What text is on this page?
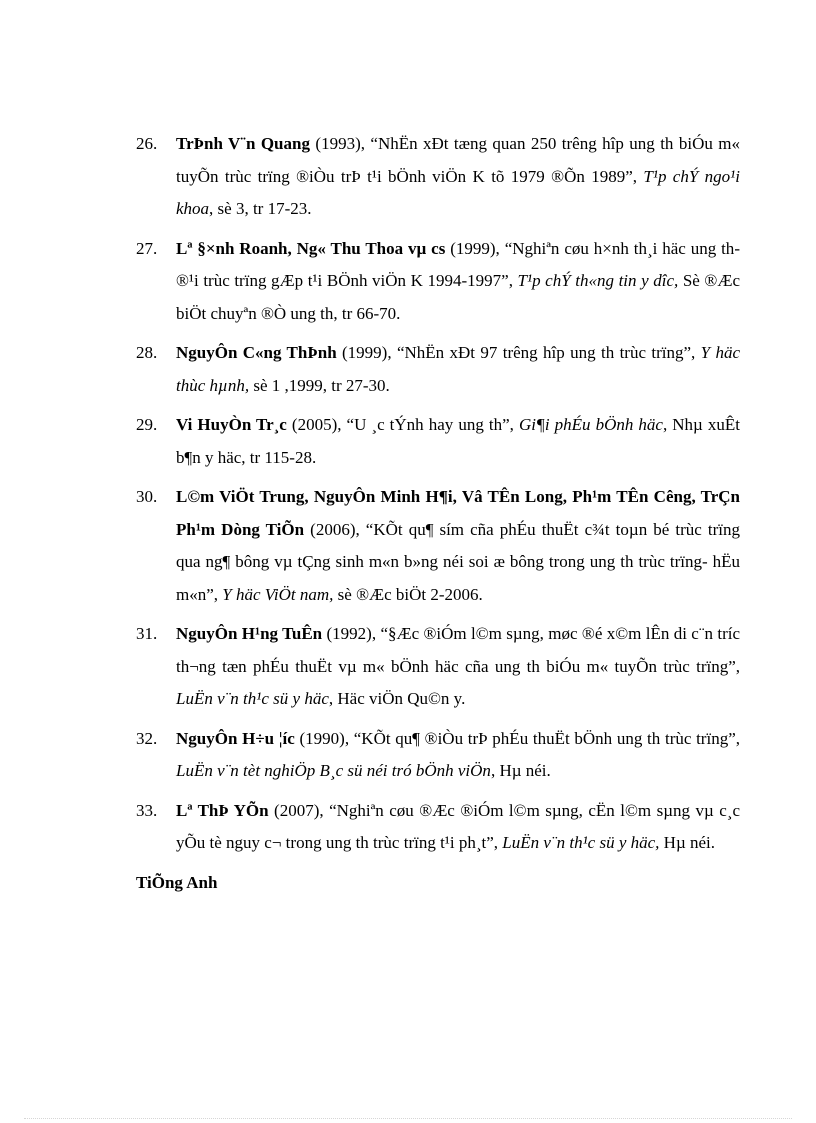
26. TrÞnh V¨n Quang (1993), “NhËn xÐt tæng quan 250 trêng hîp ung th biÓu m« tuyÕn trùc trïng ®iÒu trÞ t¹i bÖnh viÖn K tõ 1979 ®Õn 1989”, T¹p chÝ ngo¹i khoa, sè 3, tr 17-23.
27. Lª §×nh Roanh, Ng« Thu Thoa vµ cs (1999), “Nghiªn cøu h×nh th¸i häc ung th ®¹i trùc trïng gÆp t¹i BÖnh viÖn K 1994-1997”, T¹p chÝ th«ng tin y dîc, Sè ®Æc biÖt chuyªn ®Ò ung th, tr 66-70.
28. NguyÔn C«ng ThÞnh (1999), “NhËn xÐt 97 trêng hîp ung th trùc trïng”, Y häc thùc hµnh, sè 1 ,1999, tr 27-30.
29. Vi HuyÒn Tr¸c (2005), “U ¸c tÝnh hay ung th”, Gi¶i phÉu bÖnh häc, Nhµ xuÊt b¶n y häc, tr 115-28.
30. L©m ViÖt Trung, NguyÔn Minh H¶i, Vâ TÊn Long, Ph¹m TÊn Cêng, TrÇn Ph¹m Dòng TiÕn (2006), “KÕt qu¶ sím cña phÉu thuËt c¾t toµn bé trùc trïng qua ng¶ bông vµ tÇng sinh m«n b»ng néi soi æ bông trong ung th trùc trïng- hËu m«n”, Y häc ViÖt nam, sè ®Æc biÖt 2-2006.
31. NguyÔn H¹ng TuÊn (1992), “§Æc ®iÓm l©m sµng, møc ®é x©m lÊn di c¨n tríc th¬ng tæn phÉu thuËt vµ m« bÖnh häc cña ung th biÓu m« tuyÕn trùc trïng”, LuËn v¨n th¹c sü y häc, Häc viÖn Qu©n y.
32. NguyÔn H÷u ¦íc (1990), “KÕt qu¶ ®iÒu trÞ phÉu thuËt bÖnh ung th trùc trïng”, LuËn v¨n tèt nghiÖp B¸c sü néi tró bÖnh viÖn, Hµ néi.
33. Lª ThÞ YÕn (2007), “Nghiªn cøu ®Æc ®iÓm l©m sµng, cËn l©m sµng vµ c¸c yÕu tè nguy c¬ trong ung th trùc trïng t¹i ph¸t”, LuËn v¨n th¹c sü y häc, Hµ néi.
TiÕng Anh
